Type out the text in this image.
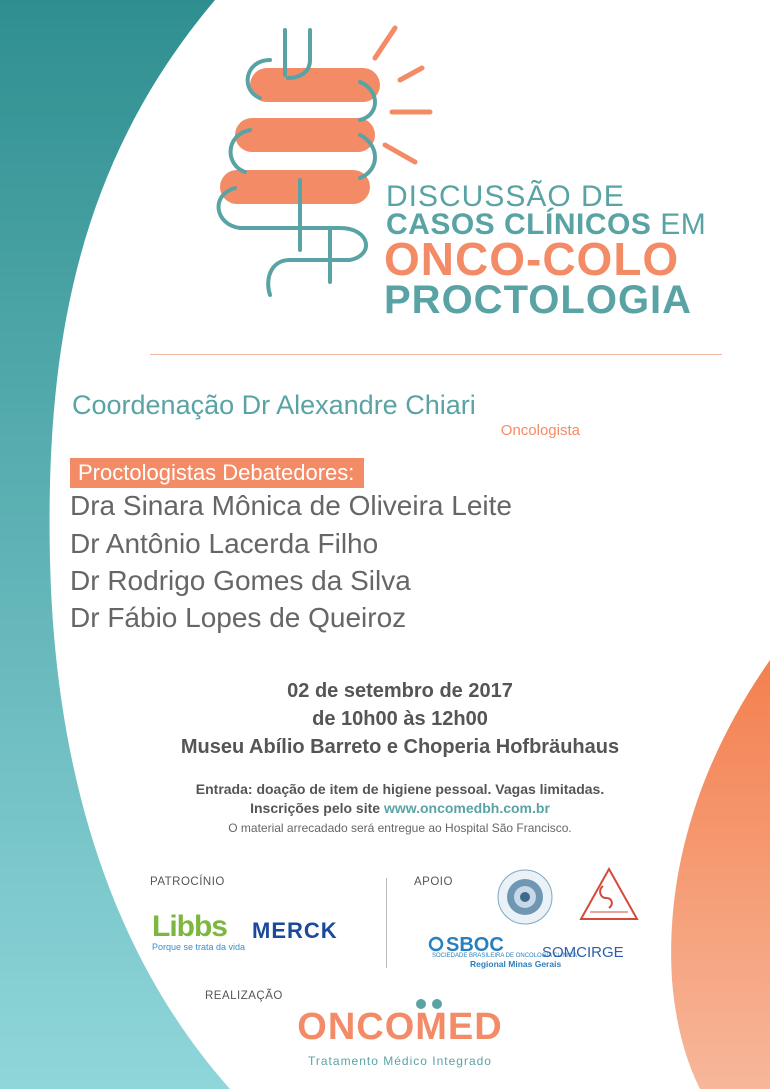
DISCUSSÃO DE
CASOS CLÍNICOS EM
ONCO-COLO
PROCTOLOGIA
Coordenação Dr Alexandre Chiari
Oncologista
Proctologistas Debatedores:
Dra Sinara Mônica de Oliveira Leite
Dr Antônio Lacerda Filho
Dr Rodrigo Gomes da Silva
Dr Fábio Lopes de Queiroz
02 de setembro de 2017
de 10h00 às 12h00
Museu Abílio Barreto e Choperia Hofbräuhaus
Entrada: doação de item de higiene pessoal. Vagas limitadas.
Inscrições pelo site www.oncomedbh.com.br
O material arrecadado será entregue ao Hospital São Francisco.
PATROCÍNIO
Libbs
Porque se trata da vida
MERCK
APOIO
SBOC
SOCIEDADE BRASILEIRA DE ONCOLOGIA CLÍNICA
Regional Minas Gerais
SOMCIRGE
REALIZAÇÃO
ONCOMED
Tratamento Médico Integrado
